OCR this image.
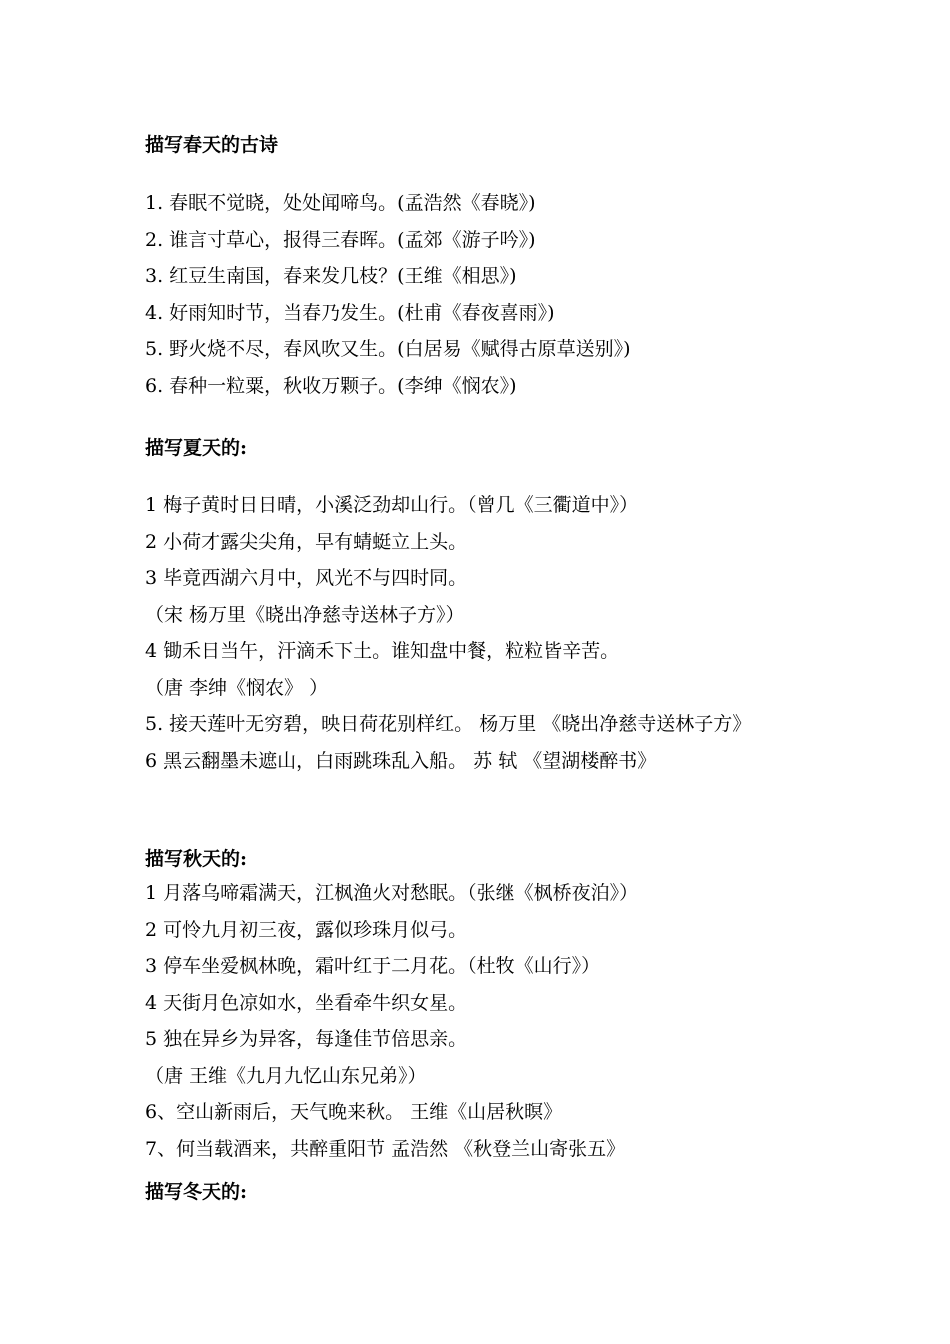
描写春天的古诗
1. 春眠不觉晓，处处闻啼鸟。(孟浩然《春晓》)
2. 谁言寸草心，报得三春晖。(孟郊《游子吟》)
3. 红豆生南国，春来发几枝？(王维《相思》)
4. 好雨知时节，当春乃发生。(杜甫《春夜喜雨》)
5. 野火烧不尽，春风吹又生。(白居易《赋得古原草送别》)
6. 春种一粒粟，秋收万颗子。(李绅《悯农》)
描写夏天的:
1 梅子黄时日日晴，小溪泛劲却山行。（曾几《三衢道中》）
2 小荷才露尖尖角，早有蜻蜓立上头。
3 毕竟西湖六月中，风光不与四时同。
（宋 杨万里《晓出净慈寺送林子方》）
4 锄禾日当午，汗滴禾下土。谁知盘中餐，粒粒皆辛苦。
（唐 李绅《悯农》 ）
5. 接天莲叶无穷碧，映日荷花别样红。 杨万里 《晓出净慈寺送林子方》
6 黑云翻墨未遮山，白雨跳珠乱入船。 苏 轼 《望湖楼醉书》
描写秋天的:
1 月落乌啼霜满天，江枫渔火对愁眠。（张继《枫桥夜泊》）
2 可怜九月初三夜，露似珍珠月似弓。
3 停车坐爱枫林晚，霜叶红于二月花。（杜牧《山行》）
4 天街月色凉如水，坐看牵牛织女星。
5 独在异乡为异客，每逢佳节倍思亲。
（唐 王维《九月九忆山东兄弟》）
6、空山新雨后，天气晚来秋。 王维《山居秋暝》
7、何当载酒来，共醉重阳节 孟浩然 《秋登兰山寄张五》
描写冬天的:
